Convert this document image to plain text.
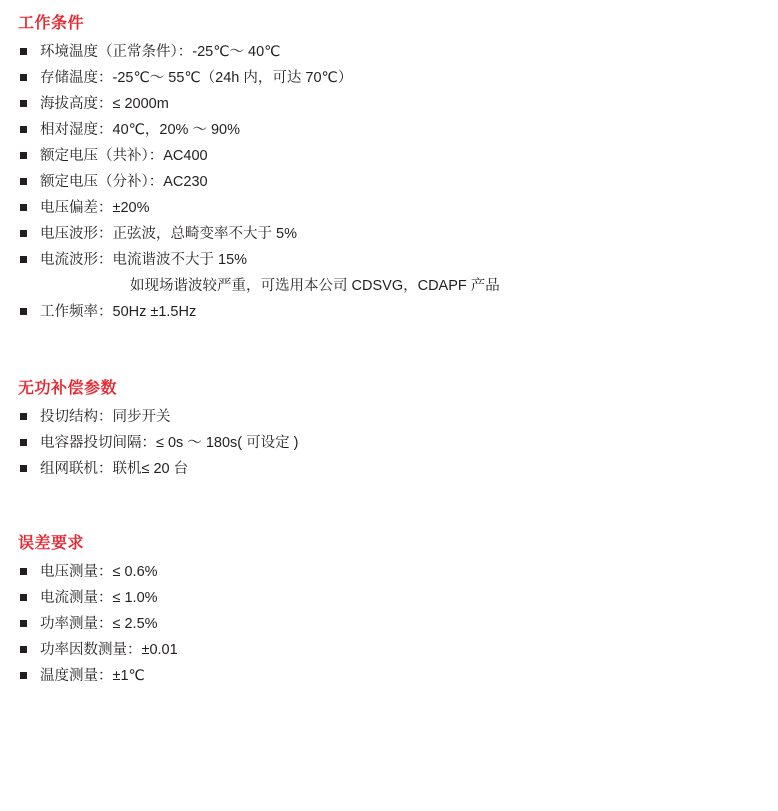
工作条件
环境温度（正常条件）：-25℃～ 40℃
存储温度：-25℃～ 55℃（24h 内，可达 70℃）
海拔高度：≤ 2000m
相对湿度：40℃，20% ～ 90%
额定电压（共补）：AC400
额定电压（分补）：AC230
电压偏差：±20%
电压波形：正弦波，总畸变率不大于 5%
电流波形：电流谐波不大于 15%
如现场谐波较严重，可选用本公司 CDSVG，CDAPF 产品
工作频率：50Hz ±1.5Hz
无功补偿参数
投切结构：同步开关
电容器投切间隔：≤ 0s ～ 180s( 可设定 )
组网联机：联机≤ 20 台
误差要求
电压测量：≤ 0.6%
电流测量：≤ 1.0%
功率测量：≤ 2.5%
功率因数测量：±0.01
温度测量：±1℃
